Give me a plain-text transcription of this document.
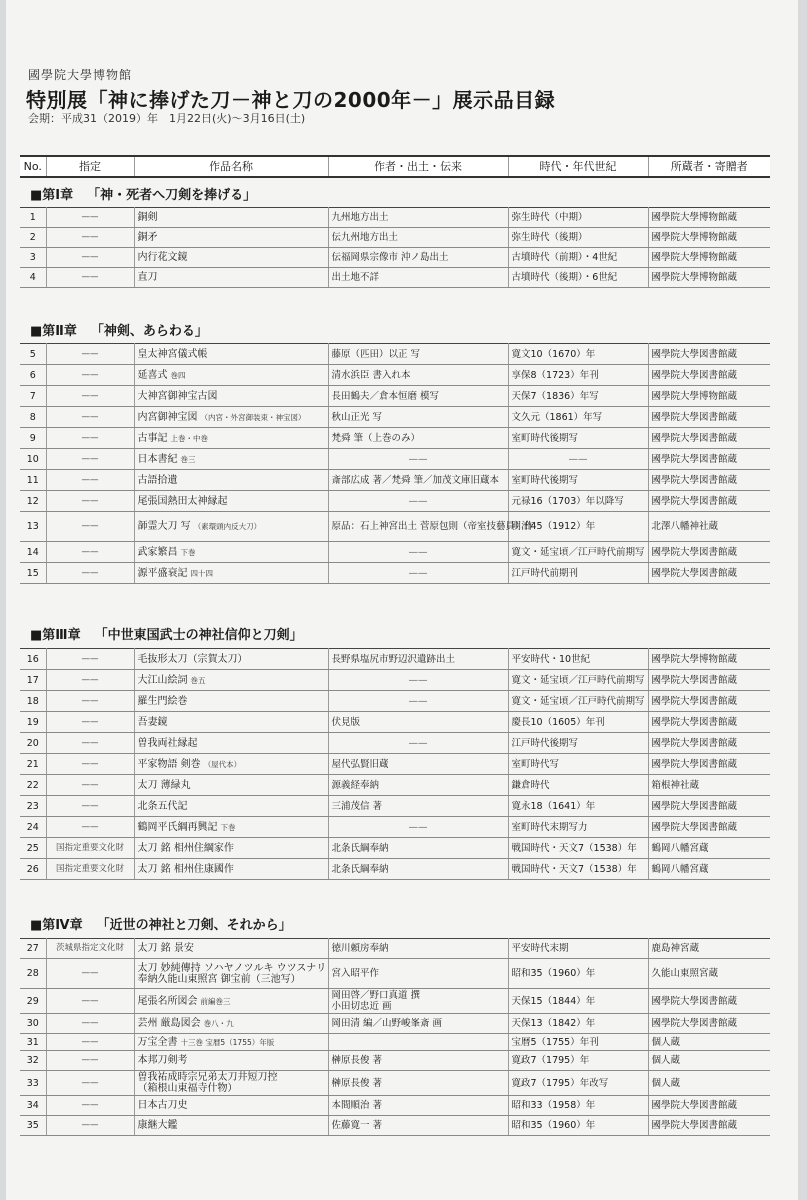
國學院大學博物館
特別展「神に捧げた刀－神と刀の2000年－」展示品目録
会期：平成31（2019）年　1月22日(火)～3月16日(土)
No.	指定	作品名称	作者・出土・伝来	時代・年代世紀	所蔵者・寄贈者
■第Ⅰ章 「神・死者へ刀剣を捧げる」
1	——	銅剣	九州地方出土	弥生時代（中期）	國學院大學博物館蔵
2	——	銅矛	伝九州地方出土	弥生時代（後期）	國學院大學博物館蔵
3	——	内行花文鏡	伝福岡県宗像市 沖ノ島出土	古墳時代（前期）・4世紀	國學院大學博物館蔵
4	——	直刀	出土地不詳	古墳時代（後期）・6世紀	國學院大學博物館蔵
■第Ⅱ章 「神剣、あらわる」
5	——	皇太神宮儀式帳	藤原（匹田）以正 写	寛文10（1670）年	國學院大學図書館蔵
6	——	延喜式 巻四	清水浜臣 書入れ本	享保8（1723）年刊	國學院大學図書館蔵
7	——	大神宮御神宝古図	長田鶴夫／倉本恒磨 模写	天保7（1836）年写	國學院大學博物館蔵
8	——	内宮御神宝図 （内宮・外宮御装束・神宝図）	秋山正光 写	文久元（1861）年写	國學院大學図書館蔵
9	——	古事記 上巻・中巻	梵舜 筆（上巻のみ）	室町時代後期写	國學院大學図書館蔵
10	——	日本書紀 巻三	——	——	國學院大學図書館蔵
11	——	古語拾遺	斎部広成 著／梵舜 筆／加茂文庫旧蔵本	室町時代後期写	國學院大學図書館蔵
12	——	尾張国熱田太神縁起	——	元禄16（1703）年以降写	國學院大學図書館蔵
13	——	韴霊大刀 写 （素環頭内反大刀）	原品：石上神宮出土 菅原包則（帝室技藝員）作	明治45（1912）年	北澤八幡神社蔵
14	——	武家繁昌 下巻	——	寛文・延宝頃／江戸時代前期写	國學院大學図書館蔵
15	——	源平盛衰記 四十四	——	江戸時代前期刊	國學院大學図書館蔵
■第Ⅲ章 「中世東国武士の神社信仰と刀剣」
16	——	毛抜形太刀（宗賀太刀）	長野県塩尻市野辺沢遺跡出土	平安時代・10世紀	國學院大學博物館蔵
17	——	大江山絵詞 巻五	——	寛文・延宝頃／江戸時代前期写	國學院大學図書館蔵
18	——	羅生門絵巻	——	寛文・延宝頃／江戸時代前期写	國學院大學図書館蔵
19	——	吾妻鏡	伏見版	慶長10（1605）年刊	國學院大學図書館蔵
20	——	曽我両社縁起	——	江戸時代後期写	國學院大學図書館蔵
21	——	平家物語 剣巻 （屋代本）	屋代弘賢旧蔵	室町時代写	國學院大學図書館蔵
22	——	太刀 薄緑丸	源義経奉納	鎌倉時代	箱根神社蔵
23	——	北条五代記	三浦茂信 著	寛永18（1641）年	國學院大學図書館蔵
24	——	鶴岡平氏綱再興記 下巻	——	室町時代末期写力	國學院大學図書館蔵
25	国指定重要文化財	太刀 銘 相州住綱家作	北条氏綱奉納	戦国時代・天文7（1538）年	鶴岡八幡宮蔵
26	国指定重要文化財	太刀 銘 相州住康國作	北条氏綱奉納	戦国時代・天文7（1538）年	鶴岡八幡宮蔵
■第Ⅳ章 「近世の神社と刀剣、それから」
27	茨城県指定文化財	太刀 銘 景安	徳川頼房奉納	平安時代末期	鹿島神宮蔵
28	——	太刀 妙純傳持 ソハヤノツルキ ウツスナリ
奉納久能山東照宮 御宝前（三池写）	宮入昭平作	昭和35（1960）年	久能山東照宮蔵
29	——	尾張名所図会 前編巻三	岡田啓／野口真道 撰
小田切忠近 画	天保15（1844）年	國學院大學図書館蔵
30	——	芸州 厳島図会 巻八・九	岡田清 編／山野峻峯斎 画	天保13（1842）年	國學院大學図書館蔵
31	——	万宝全書 十三巻 宝暦5（1755）年版		宝暦5（1755）年刊	個人蔵
32	——	本邦刀剣考	榊原長俊 著	寛政7（1795）年	個人蔵
33	——	曽我祐成時宗兄弟太刀井短刀控
（箱根山東福寺什物）	榊原長俊 著	寛政7（1795）年改写	個人蔵
34	——	日本古刀史	本間順治 著	昭和33（1958）年	國學院大學図書館蔵
35	——	康継大鑑	佐藤寛一 著	昭和35（1960）年	國學院大學図書館蔵
